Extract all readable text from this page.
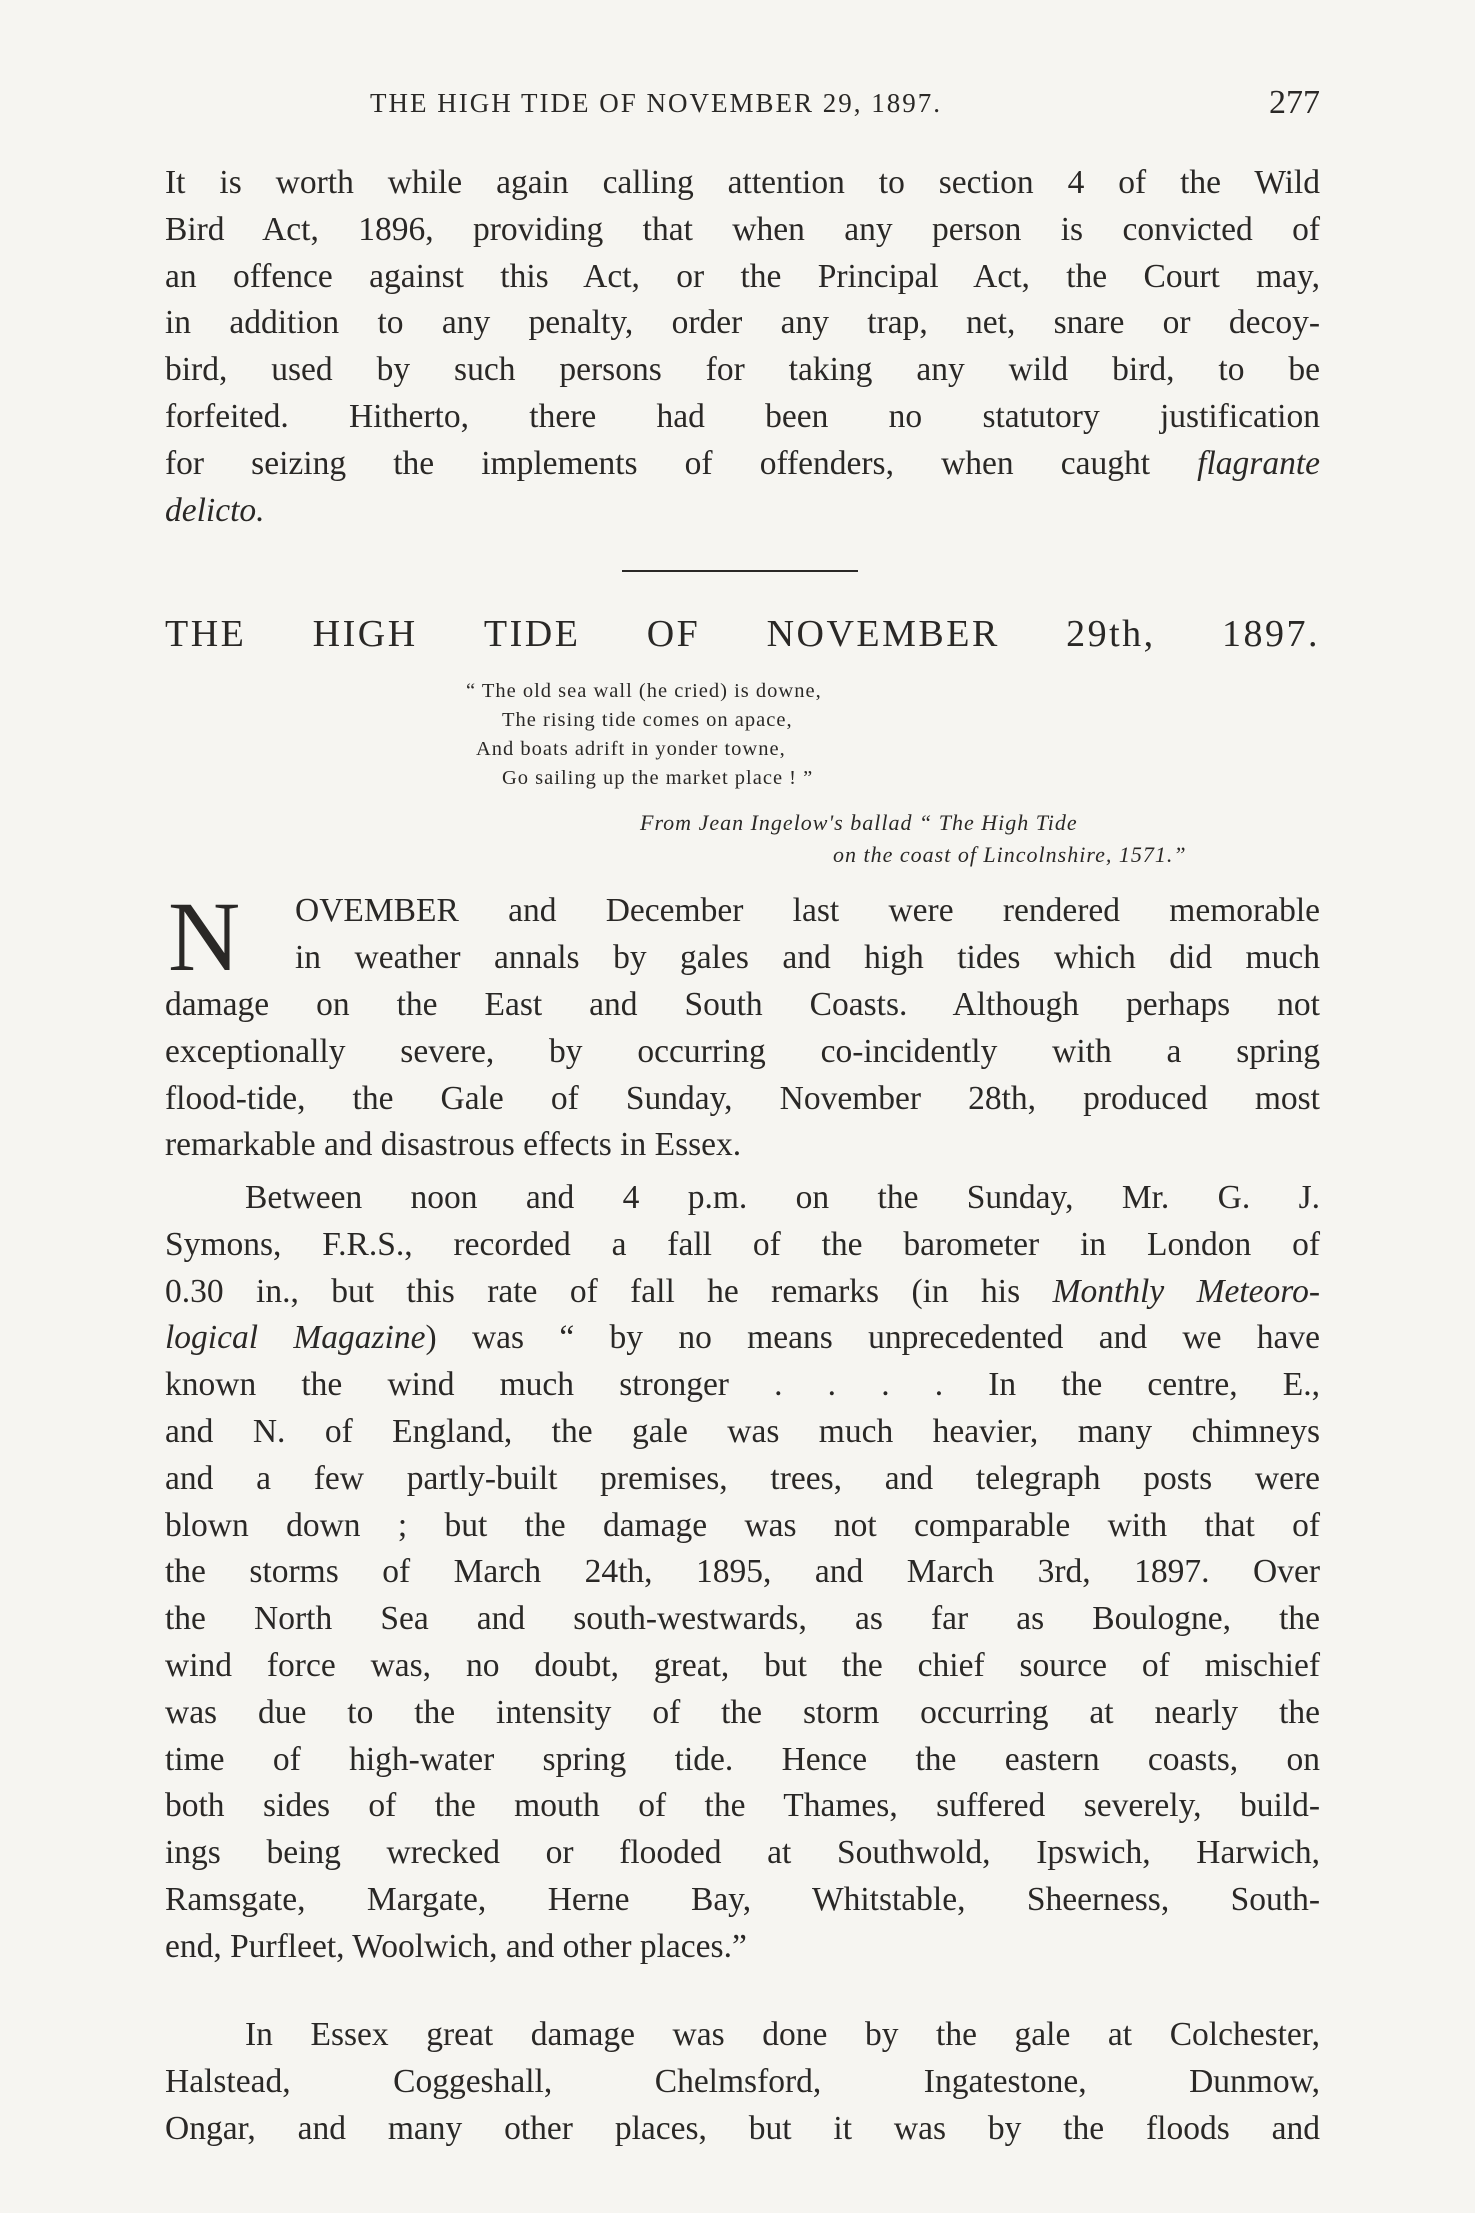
THE HIGH TIDE OF NOVEMBER 29, 1897.	277

It is worth while again calling attention to section 4 of the Wild
Bird Act, 1896, providing that when any person is convicted of
an offence against this Act, or the Principal Act, the Court may,
in addition to any penalty, order any trap, net, snare or decoy-
bird, used by such persons for taking any wild bird, to be
forfeited. Hitherto, there had been no statutory justification
for seizing the implements of offenders, when caught flagrante
delicto.

THE HIGH TIDE OF NOVEMBER 29th, 1897.
“ The old sea wall (he cried) is downe,
The rising tide comes on apace,
And boats adrift in yonder towne,
Go sailing up the market place ! ”
From Jean Ingelow's ballad “ The High Tide
on the coast of Lincolnshire, 1571.”
N OVEMBER and December last were rendered memorable
in weather annals by gales and high tides which did much

damage on the East and South Coasts. Although perhaps not
exceptionally severe, by occurring co-incidently with a spring
flood-tide, the Gale of Sunday, November 28th, produced most
remarkable and disastrous effects in Essex.

Between noon and 4 p.m. on the Sunday, Mr. G. J.
Symons, F.R.S., recorded a fall of the barometer in London of
0.30 in., but this rate of fall he remarks (in his Monthly Meteoro-
logical Magazine) was “ by no means unprecedented and we have
known the wind much stronger . . . . In the centre, E.,
and N. of England, the gale was much heavier, many chimneys
and a few partly-built premises, trees, and telegraph posts were
blown down ; but the damage was not comparable with that of
the storms of March 24th, 1895, and March 3rd, 1897. Over
the North Sea and south-westwards, as far as Boulogne, the
wind force was, no doubt, great, but the chief source of mischief
was due to the intensity of the storm occurring at nearly the
time of high-water spring tide. Hence the eastern coasts, on
both sides of the mouth of the Thames, suffered severely, build-
ings being wrecked or flooded at Southwold, Ipswich, Harwich,
Ramsgate, Margate, Herne Bay, Whitstable, Sheerness, South-
end, Purfleet, Woolwich, and other places.”

In Essex great damage was done by the gale at Colchester,
Halstead, Coggeshall, Chelmsford, Ingatestone, Dunmow,
Ongar, and many other places, but it was by the floods and
